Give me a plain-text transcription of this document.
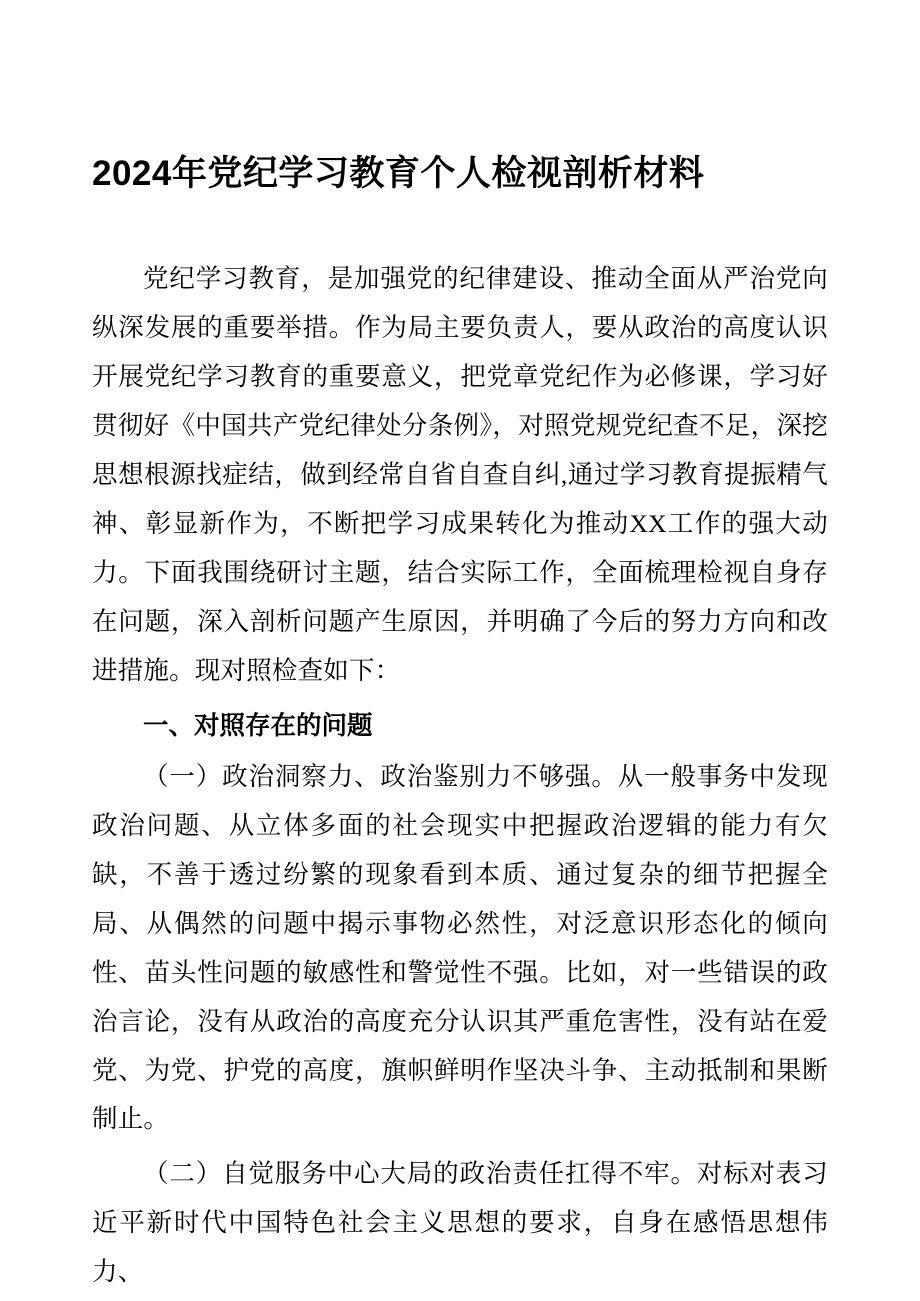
2024年党纪学习教育个人检视剖析材料

党纪学习教育，是加强党的纪律建设、推动全面从严治党向纵深发展的重要举措。作为局主要负责人，要从政治的高度认识开展党纪学习教育的重要意义，把党章党纪作为必修课，学习好贯彻好《中国共产党纪律处分条例》，对照党规党纪查不足，深挖思想根源找症结，做到经常自省自查自纠,通过学习教育提振精气神、彰显新作为，不断把学习成果转化为推动XX工作的强大动力。下面我围绕研讨主题，结合实际工作，全面梳理检视自身存在问题，深入剖析问题产生原因，并明确了今后的努力方向和改进措施。现对照检查如下：

一、对照存在的问题

（一）政治洞察力、政治鉴别力不够强。从一般事务中发现政治问题、从立体多面的社会现实中把握政治逻辑的能力有欠缺，不善于透过纷繁的现象看到本质、通过复杂的细节把握全局、从偶然的问题中揭示事物必然性，对泛意识形态化的倾向性、苗头性问题的敏感性和警觉性不强。比如，对一些错误的政治言论，没有从政治的高度充分认识其严重危害性，没有站在爱党、为党、护党的高度，旗帜鲜明作坚决斗争、主动抵制和果断制止。

（二）自觉服务中心大局的政治责任扛得不牢。对标对表习近平新时代中国特色社会主义思想的要求，自身在感悟思想伟力、
